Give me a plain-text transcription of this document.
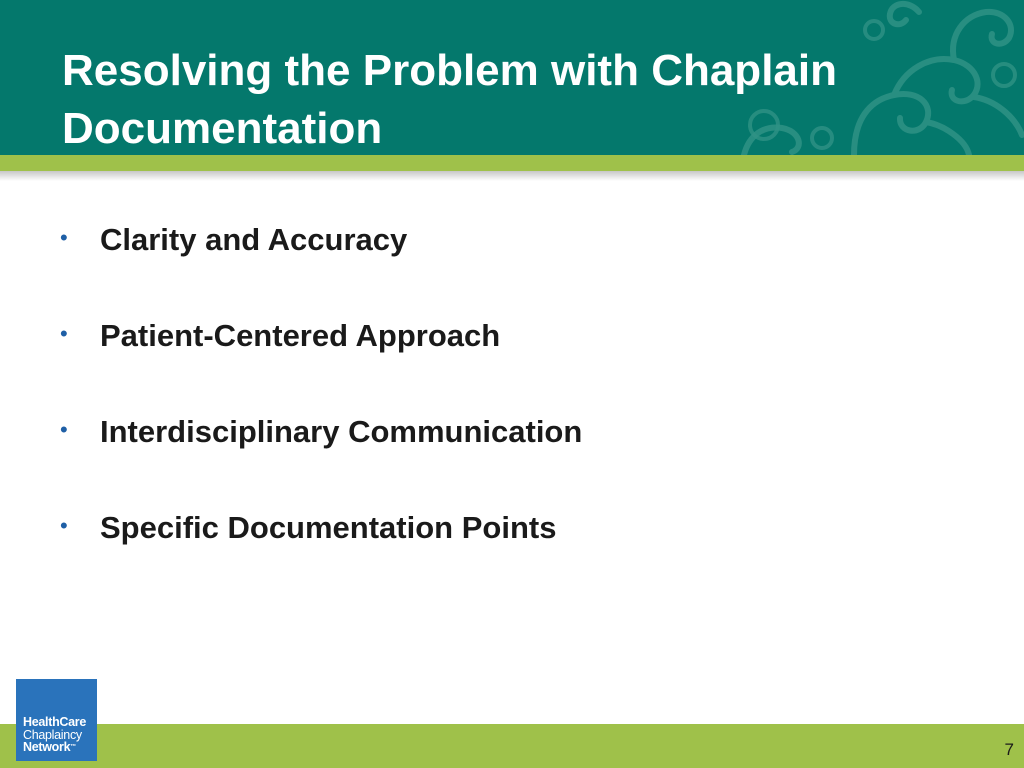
Resolving the Problem with Chaplain Documentation
•	Clarity and Accuracy
•	Patient-Centered Approach
•	Interdisciplinary Communication
•	Specific Documentation Points
HealthCare
Chaplaincy
Network™	7
